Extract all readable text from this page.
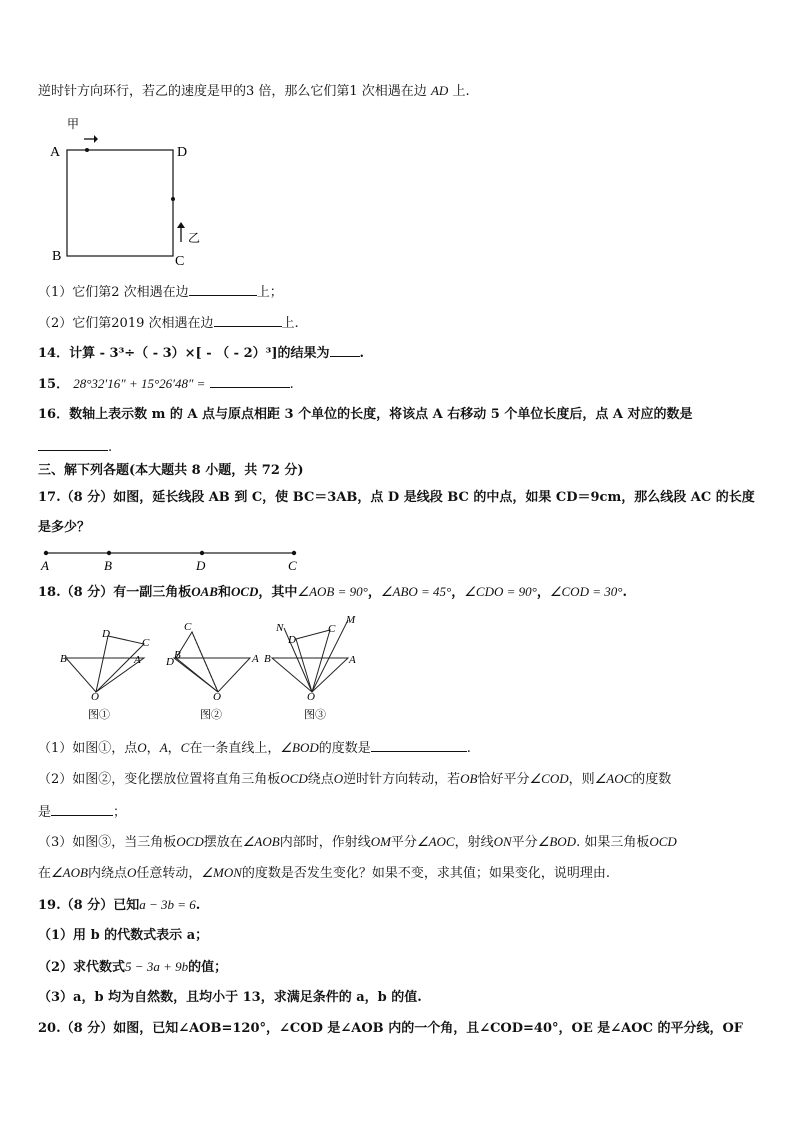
逆时针方向环行，若乙的速度是甲的3 倍，那么它们第1 次相遇在边 AD 上.
A	D
B	C
甲
乙
（1）它们第2 次相遇在边	上；
（2）它们第2019 次相遇在边	上.
14．计算 - 3³÷（ - 3）×[ - （ - 2）³]的结果为 .
15． 28°32′16″ + 15°26′48″ =	.
16．数轴上表示数 m 的 A 点与原点相距 3 个单位的长度，将该点 A 右移动 5 个单位长度后，点 A 对应的数是
.
三、解下列各题(本大题共 8 小题，共 72 分)
17.（8 分）如图，延长线段 AB 到 C，使 BC＝3AB，点 D 是线段 BC 的中点，如果 CD＝9cm，那么线段 AC 的长度
是多少？
A	B	D	C
18.（8 分）有一副三角板OAB和OCD，其中∠AOB = 90°，∠ABO = 45°，∠CDO = 90°，∠COD = 30°.
B	A
D
C
O
C
D
B	A
O
N
D
C
M
B	A
O
图①	图②	图③
（1）如图①，点O，A，C在一条直线上，∠BOD的度数是	.
（2）如图②，变化摆放位置将直角三角板OCD绕点O逆时针方向转动，若OB恰好平分∠COD，则∠AOC的度数
是	；
（3）如图③，当三角板OCD摆放在∠AOB内部时，作射线OM平分∠AOC，射线ON平分∠BOD. 如果三角板OCD
在∠AOB内绕点O任意转动，∠MON的度数是否发生变化？如果不变，求其值；如果变化，说明理由.
19.（8 分）已知a − 3b = 6.
（1）用 b 的代数式表示 a；
（2）求代数式5 − 3a + 9b的值；
（3）a，b 均为自然数，且均小于 13，求满足条件的 a，b 的值.
20.（8 分）如图，已知∠AOB=120°，∠COD 是∠AOB 内的一个角，且∠COD=40°，OE 是∠AOC 的平分线，OF
